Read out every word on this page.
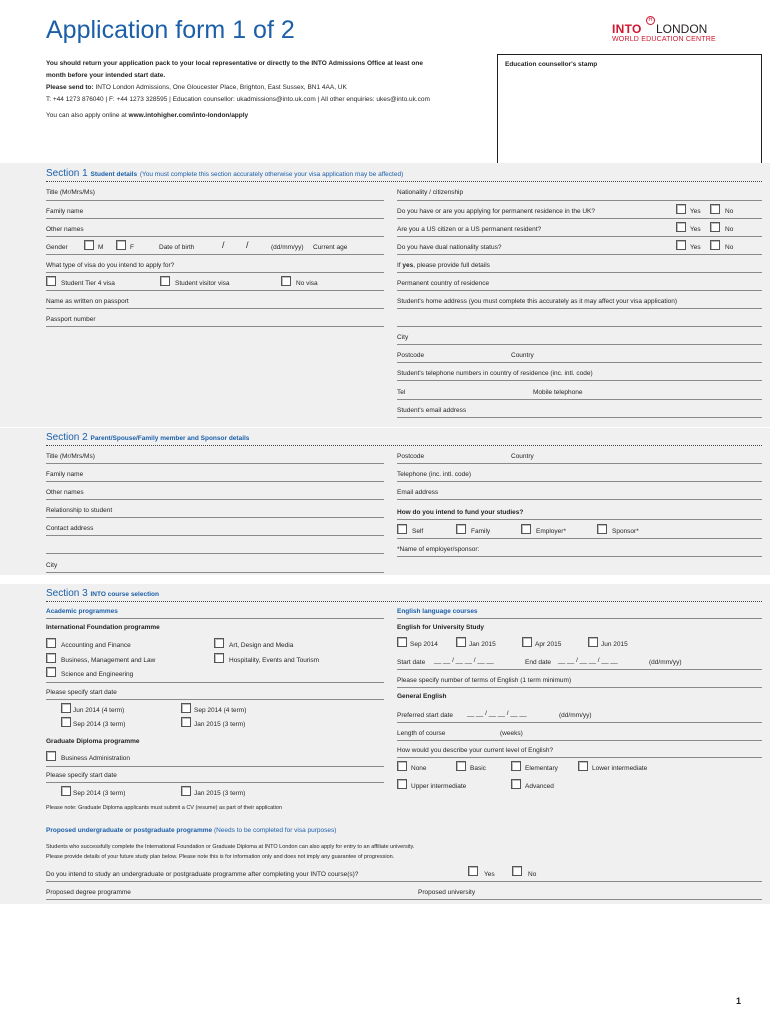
Application form 1 of 2	INTO
R
LONDON
WORLD EDUCATION CENTRE
You should return your application pack to your local representative or directly to the INTO Admissions Office at least one
month before your intended start date.
Please send to: INTO London Admissions, One Gloucester Place, Brighton, East Sussex, BN1 4AA, UK
T: +44 1273 876040 | F: +44 1273 328595 | Education counsellor: ukadmissions@into.uk.com | All other enquiries: ukes@into.uk.com
You can also apply online at www.intohigher.com/into-london/apply
Education counsellor's stamp
Section 1 Student details (You must complete this section accurately otherwise your visa application may be affected)
Title (Mr/Mrs/Ms)
Family name
Other names
Gender	M	F	Date of birth	/ /	(dd/mm/yy) Current age
What type of visa do you intend to apply for?
Student Tier 4 visa	Student visitor visa	No visa
Name as written on passport
Passport number
Nationality / citizenship
Do you have or are you applying for permanent residence in the UK?	Yes	No
Are you a US citizen or a US permanent resident?	Yes	No
Do you have dual nationality status?	Yes	No
If yes, please provide full details
Permanent country of residence
Student's home address (you must complete this accurately as it may affect your visa application)
City
Postcode	Country
Student's telephone numbers in country of residence (inc. intl. code)
Tel	Mobile telephone
Student's email address
Section 2 Parent/Spouse/Family member and Sponsor details
Title (Mr/Mrs/Ms)
Family name
Other names
Relationship to student
Contact address
City
Postcode	Country
Telephone (inc. intl. code)
Email address
How do you intend to fund your studies?
Self	Family	Employer*	Sponsor*
*Name of employer/sponsor:
Section 3 INTO course selection
Academic programmes
International Foundation programme
Accounting and Finance	Art, Design and Media
Business, Management and Law	Hospitality, Events and Tourism
Science and Engineering
Please specify start date
Jun 2014 (4 term)	Sep 2014 (4 term)
Sep 2014 (3 term)	Jan 2015 (3 term)
Graduate Diploma programme
Business Administration
Please specify start date
Sep 2014 (3 term)	Jan 2015 (3 term)
Please note: Graduate Diploma applicants must submit a CV (resume) as part of their application
English language courses
English for University Study
Sep 2014	Jan 2015	Apr 2015	Jun 2015
Start date __ __ / __ __ / __ __	End date __ __ / __ __ / __ __	(dd/mm/yy)
Please specify number of terms of English (1 term minimum)
General English
Preferred start date __ __ / __ __ / __ __	(dd/mm/yy)
Length of course	(weeks)
How would you describe your current level of English?
None	Basic	Elementary	Lower intermediate
Upper intermediate	Advanced
Proposed undergraduate or postgraduate programme (Needs to be completed for visa purposes)
Students who successfully complete the International Foundation or Graduate Diploma at INTO London can also apply for entry to an affiliate university.
Please provide details of your future study plan below. Please note this is for information only and does not imply any guarantee of progression.
Do you intend to study an undergraduate or postgraduate programme after completing your INTO course(s)?	Yes	No
Proposed degree programme	Proposed university
1
